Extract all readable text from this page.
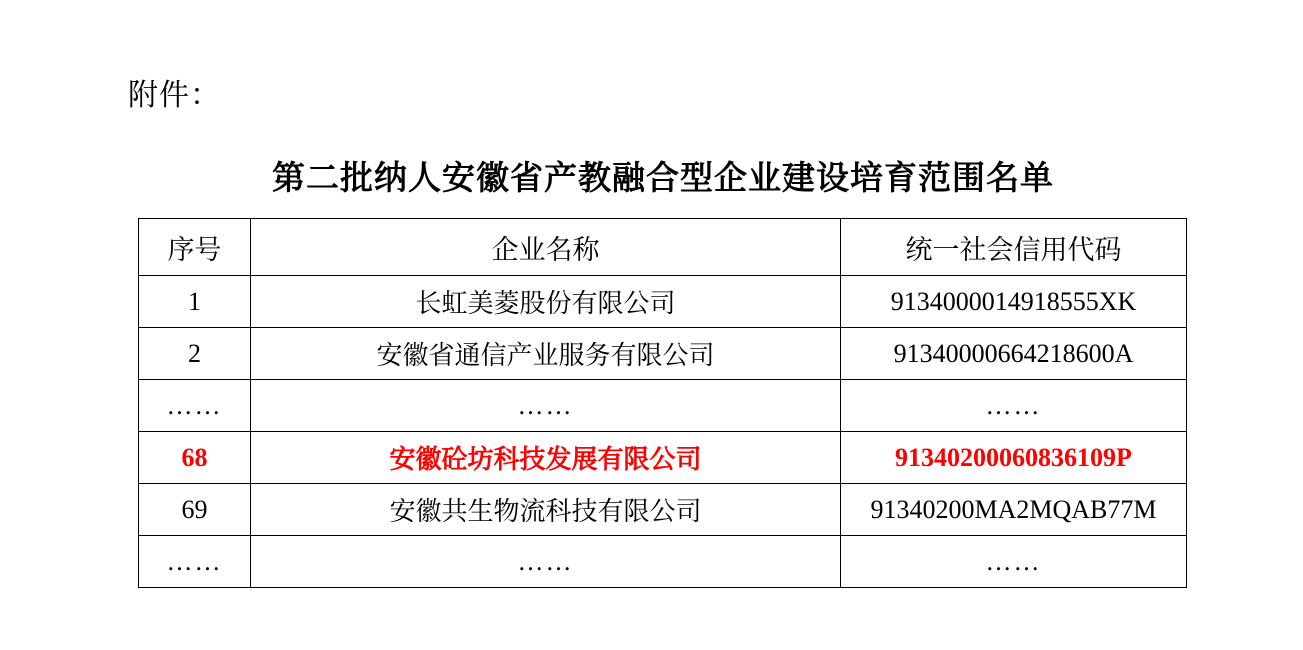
附件：
第二批纳人安徽省产教融合型企业建设培育范围名单
序号	企业名称	统一社会信用代码
1	长虹美菱股份有限公司	9134000014918555XK
2	安徽省通信产业服务有限公司	91340000664218600A
……	……	……
68	安徽砼坊科技发展有限公司	91340200060836109P
69	安徽共生物流科技有限公司	91340200MA2MQAB77M
……	……	……
